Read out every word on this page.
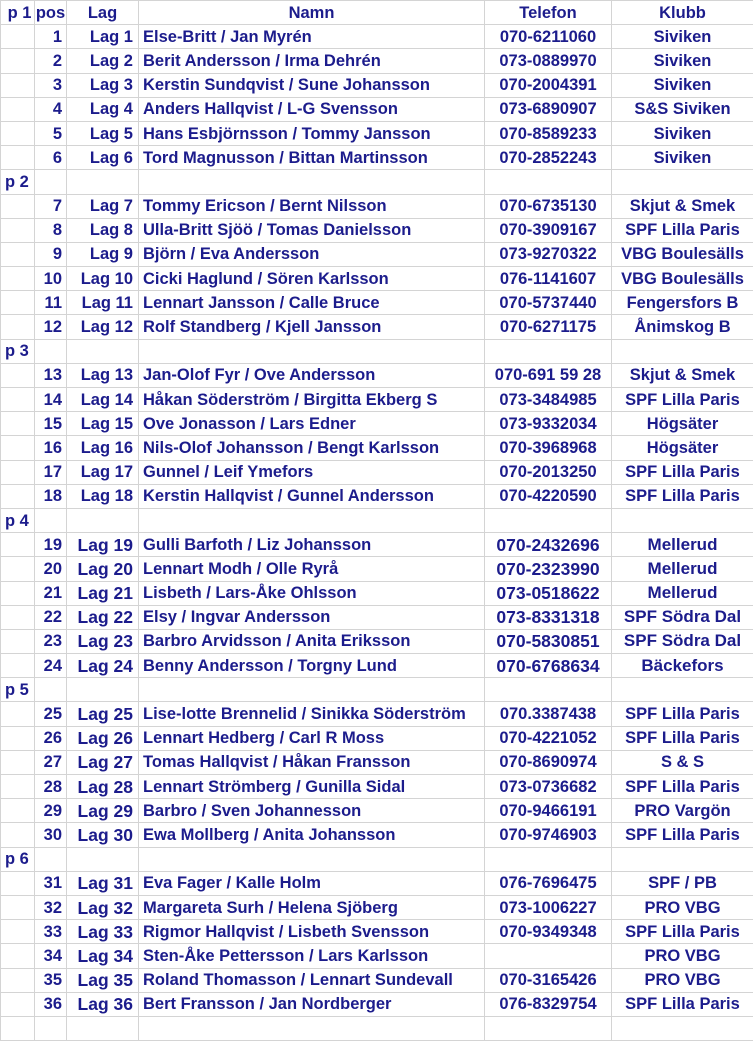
p 1	pos	Lag	Namn	Telefon	Klubb
	1	Lag 1	Else-Britt / Jan Myrén	070-6211060	Siviken
	2	Lag 2	Berit Andersson / Irma Dehrén	073-0889970	Siviken
	3	Lag 3	Kerstin Sundqvist / Sune Johansson	070-2004391	Siviken
	4	Lag 4	Anders Hallqvist / L-G Svensson	073-6890907	S&S Siviken
	5	Lag 5	Hans Esbjörnsson / Tommy Jansson	070-8589233	Siviken
	6	Lag 6	Tord Magnusson / Bittan Martinsson	070-2852243	Siviken
p 2					
	7	Lag 7	Tommy Ericson / Bernt Nilsson	070-6735130	Skjut & Smek
	8	Lag 8	Ulla-Britt Sjöö / Tomas Danielsson	070-3909167	SPF Lilla Paris
	9	Lag 9	Björn / Eva Andersson	073-9270322	VBG Boulesälls
	10	Lag 10	Cicki Haglund / Sören Karlsson	076-1141607	VBG Boulesälls
	11	Lag 11	Lennart Jansson / Calle Bruce	070-5737440	Fengersfors B
	12	Lag 12	Rolf Standberg / Kjell Jansson	070-6271175	Ånimskog B
p 3					
	13	Lag 13	Jan-Olof Fyr / Ove Andersson	070-691 59 28	Skjut & Smek
	14	Lag 14	Håkan Söderström / Birgitta Ekberg S	073-3484985	SPF Lilla Paris
	15	Lag 15	Ove Jonasson / Lars Edner	073-9332034	Högsäter
	16	Lag 16	Nils-Olof Johansson / Bengt Karlsson	070-3968968	Högsäter
	17	Lag 17	Gunnel / Leif Ymefors	070-2013250	SPF Lilla Paris
	18	Lag 18	Kerstin Hallqvist / Gunnel Andersson	070-4220590	SPF Lilla Paris
p 4					
	19	Lag 19	Gulli Barfoth / Liz Johansson	070-2432696	Mellerud
	20	Lag 20	Lennart Modh / Olle Ryrå	070-2323990	Mellerud
	21	Lag 21	Lisbeth / Lars-Åke Ohlsson	073-0518622	Mellerud
	22	Lag 22	Elsy / Ingvar Andersson	073-8331318	SPF Södra Dal
	23	Lag 23	Barbro Arvidsson / Anita Eriksson	070-5830851	SPF Södra Dal
	24	Lag 24	Benny Andersson / Torgny Lund	070-6768634	Bäckefors
p 5					
	25	Lag 25	Lise-lotte Brennelid / Sinikka Söderström	070.3387438	SPF Lilla Paris
	26	Lag 26	Lennart Hedberg / Carl R Moss	070-4221052	SPF Lilla Paris
	27	Lag 27	Tomas Hallqvist / Håkan Fransson	070-8690974	S & S
	28	Lag 28	Lennart Strömberg / Gunilla Sidal	073-0736682	SPF Lilla Paris
	29	Lag 29	Barbro / Sven Johannesson	070-9466191	PRO Vargön
	30	Lag 30	Ewa Mollberg / Anita Johansson	070-9746903	SPF Lilla Paris
p 6					
	31	Lag 31	Eva Fager / Kalle Holm	076-7696475	SPF / PB
	32	Lag 32	Margareta Surh / Helena Sjöberg	073-1006227	PRO VBG
	33	Lag 33	Rigmor Hallqvist / Lisbeth Svensson	070-9349348	SPF Lilla Paris
	34	Lag 34	Sten-Åke Pettersson / Lars Karlsson		PRO VBG
	35	Lag 35	Roland Thomasson / Lennart Sundevall	070-3165426	PRO VBG
	36	Lag 36	Bert Fransson / Jan Nordberger	076-8329754	SPF Lilla Paris
